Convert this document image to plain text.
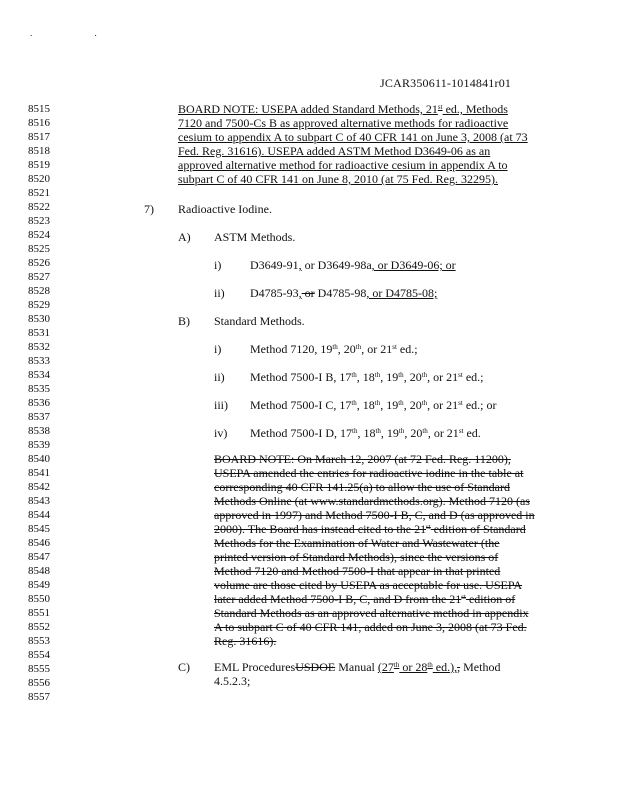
. .
JCAR350611-1014841r01
8515
8516
8517
8518
8519
8520
8521
8522
8523
8524
8525
8526
8527
8528
8529
8530
8531
8532
8533
8534
8535
8536
8537
8538
8539
8540
8541
8542
8543
8544
8545
8546
8547
8548
8549
8550
8551
8552
8553
8554
8555
8556
8557
7) Radioactive Iodine.
A) ASTM Methods.
B) Standard Methods.
C)
BOARD NOTE: USEPA added Standard Methods, 21st ed., Methods
7120 and 7500-Cs B as approved alternative methods for radioactive
cesium to appendix A to subpart C of 40 CFR 141 on June 3, 2008 (at 73
Fed. Reg. 31616). USEPA added ASTM Method D3649-06 as an
approved alternative method for radioactive cesium in appendix A to
subpart C of 40 CFR 141 on June 8, 2010 (at 75 Fed. Reg. 32295).
i) D3649-91, or D3649-98a, or D3649-06; or
ii) D4785-93, or D4785-98, or D4785-08;
i) Method 7120, 19th, 20th, or 21st ed.;
ii) Method 7500-I B, 17th, 18th, 19th, 20th, or 21st ed.;
iii) Method 7500-I C, 17th, 18th, 19th, 20th, or 21st ed.; or
iv) Method 7500-I D, 17th, 18th, 19th, 20th, or 21st ed.
BOARD NOTE: On March 12, 2007 (at 72 Fed. Reg. 11200),
USEPA amended the entries for radioactive iodine in the table at
corresponding 40 CFR 141.25(a) to allow the use of Standard
Methods Online (at www.standardmethods.org). Method 7120 (as
approved in 1997) and Method 7500-I B, C, and D (as approved in
2000). The Board has instead cited to the 21st edition of Standard
Methods for the Examination of Water and Wastewater (the
printed version of Standard Methods), since the versions of
Method 7120 and Method 7500-I that appear in that printed
volume are those cited by USEPA as acceptable for use. USEPA
later added Method 7500-I B, C, and D from the 21st edition of
Standard Methods as an approved alternative method in appendix
A to subpart C of 40 CFR 141, added on June 3, 2008 (at 73 Fed.
Reg. 31616).
EML ProceduresUSDOE Manual (27th or 28th ed.),, Method
4.5.2.3;
